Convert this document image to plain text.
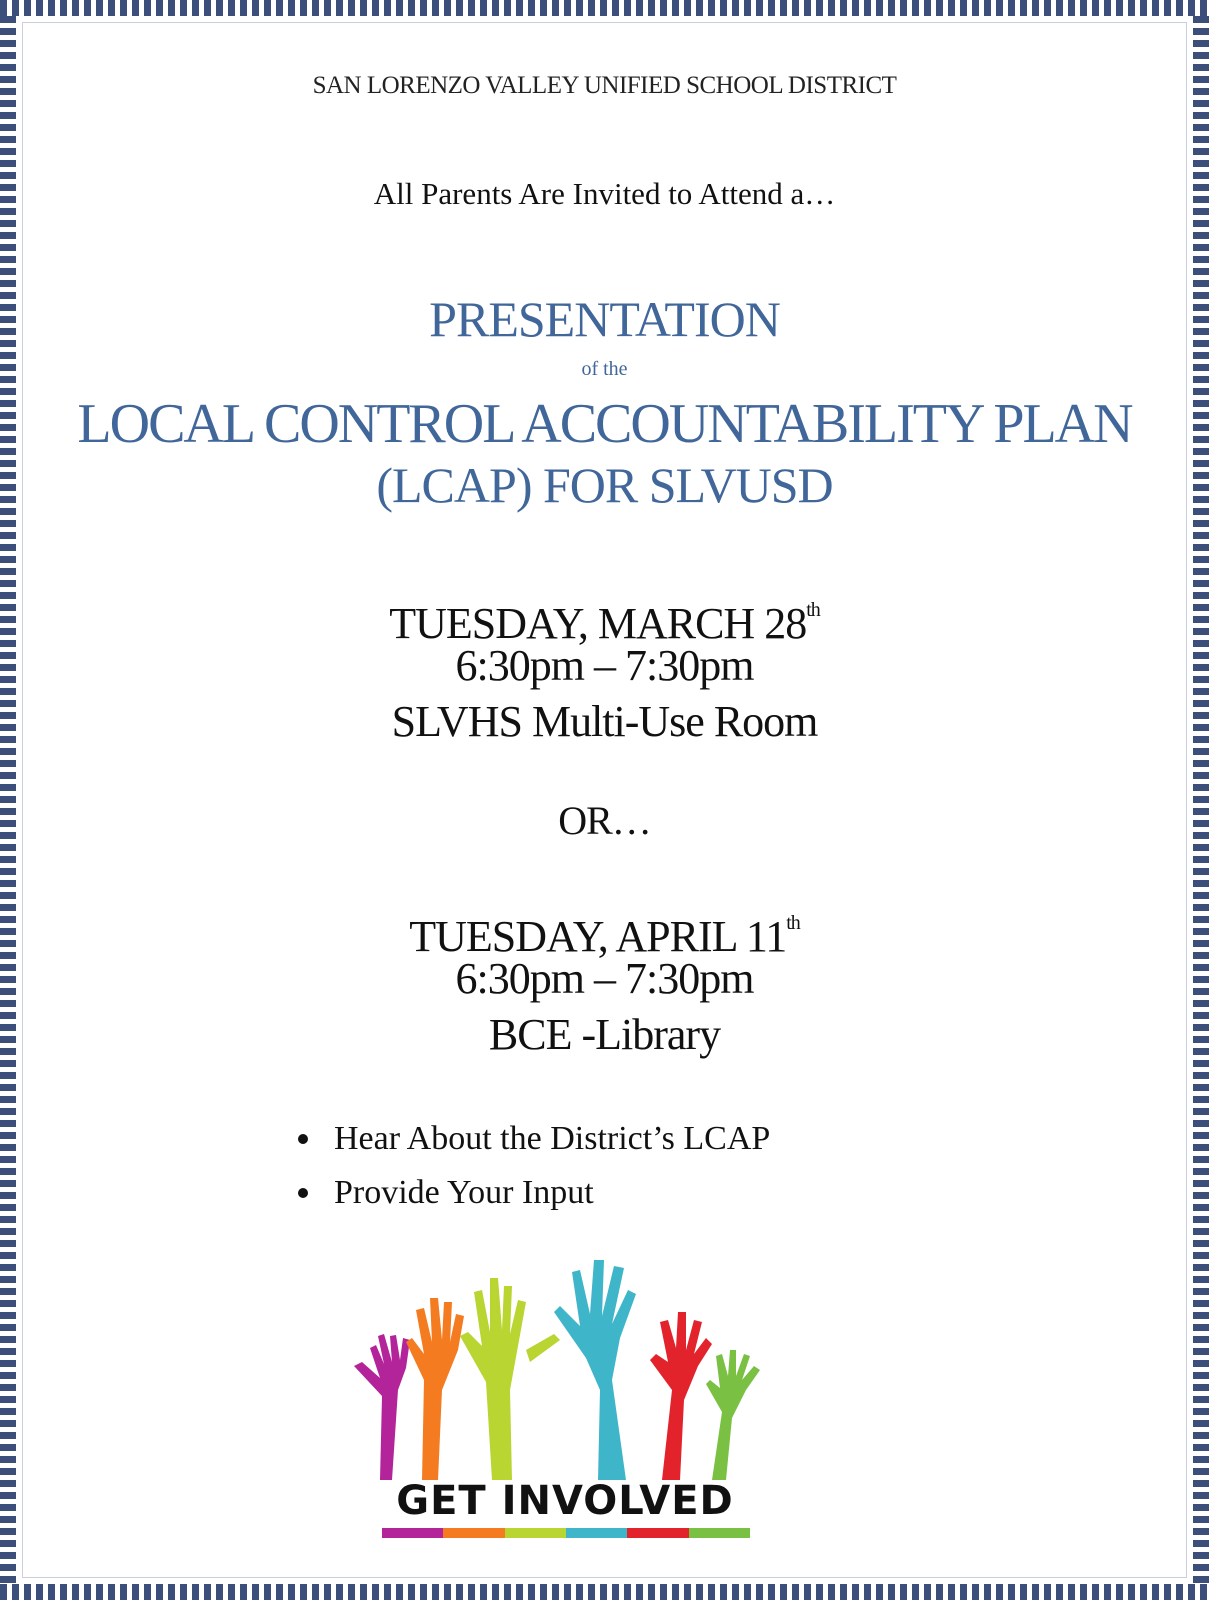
SAN LORENZO VALLEY UNIFIED SCHOOL DISTRICT
All Parents Are Invited to Attend a…
PRESENTATION
of the
LOCAL CONTROL ACCOUNTABILITY PLAN
(LCAP) FOR SLVUSD
TUESDAY, MARCH 28th
6:30pm – 7:30pm
SLVHS Multi-Use Room
OR…
TUESDAY, APRIL 11th
6:30pm – 7:30pm
BCE -Library
Hear About the District’s LCAP
Provide Your Input
GET INVOLVED
